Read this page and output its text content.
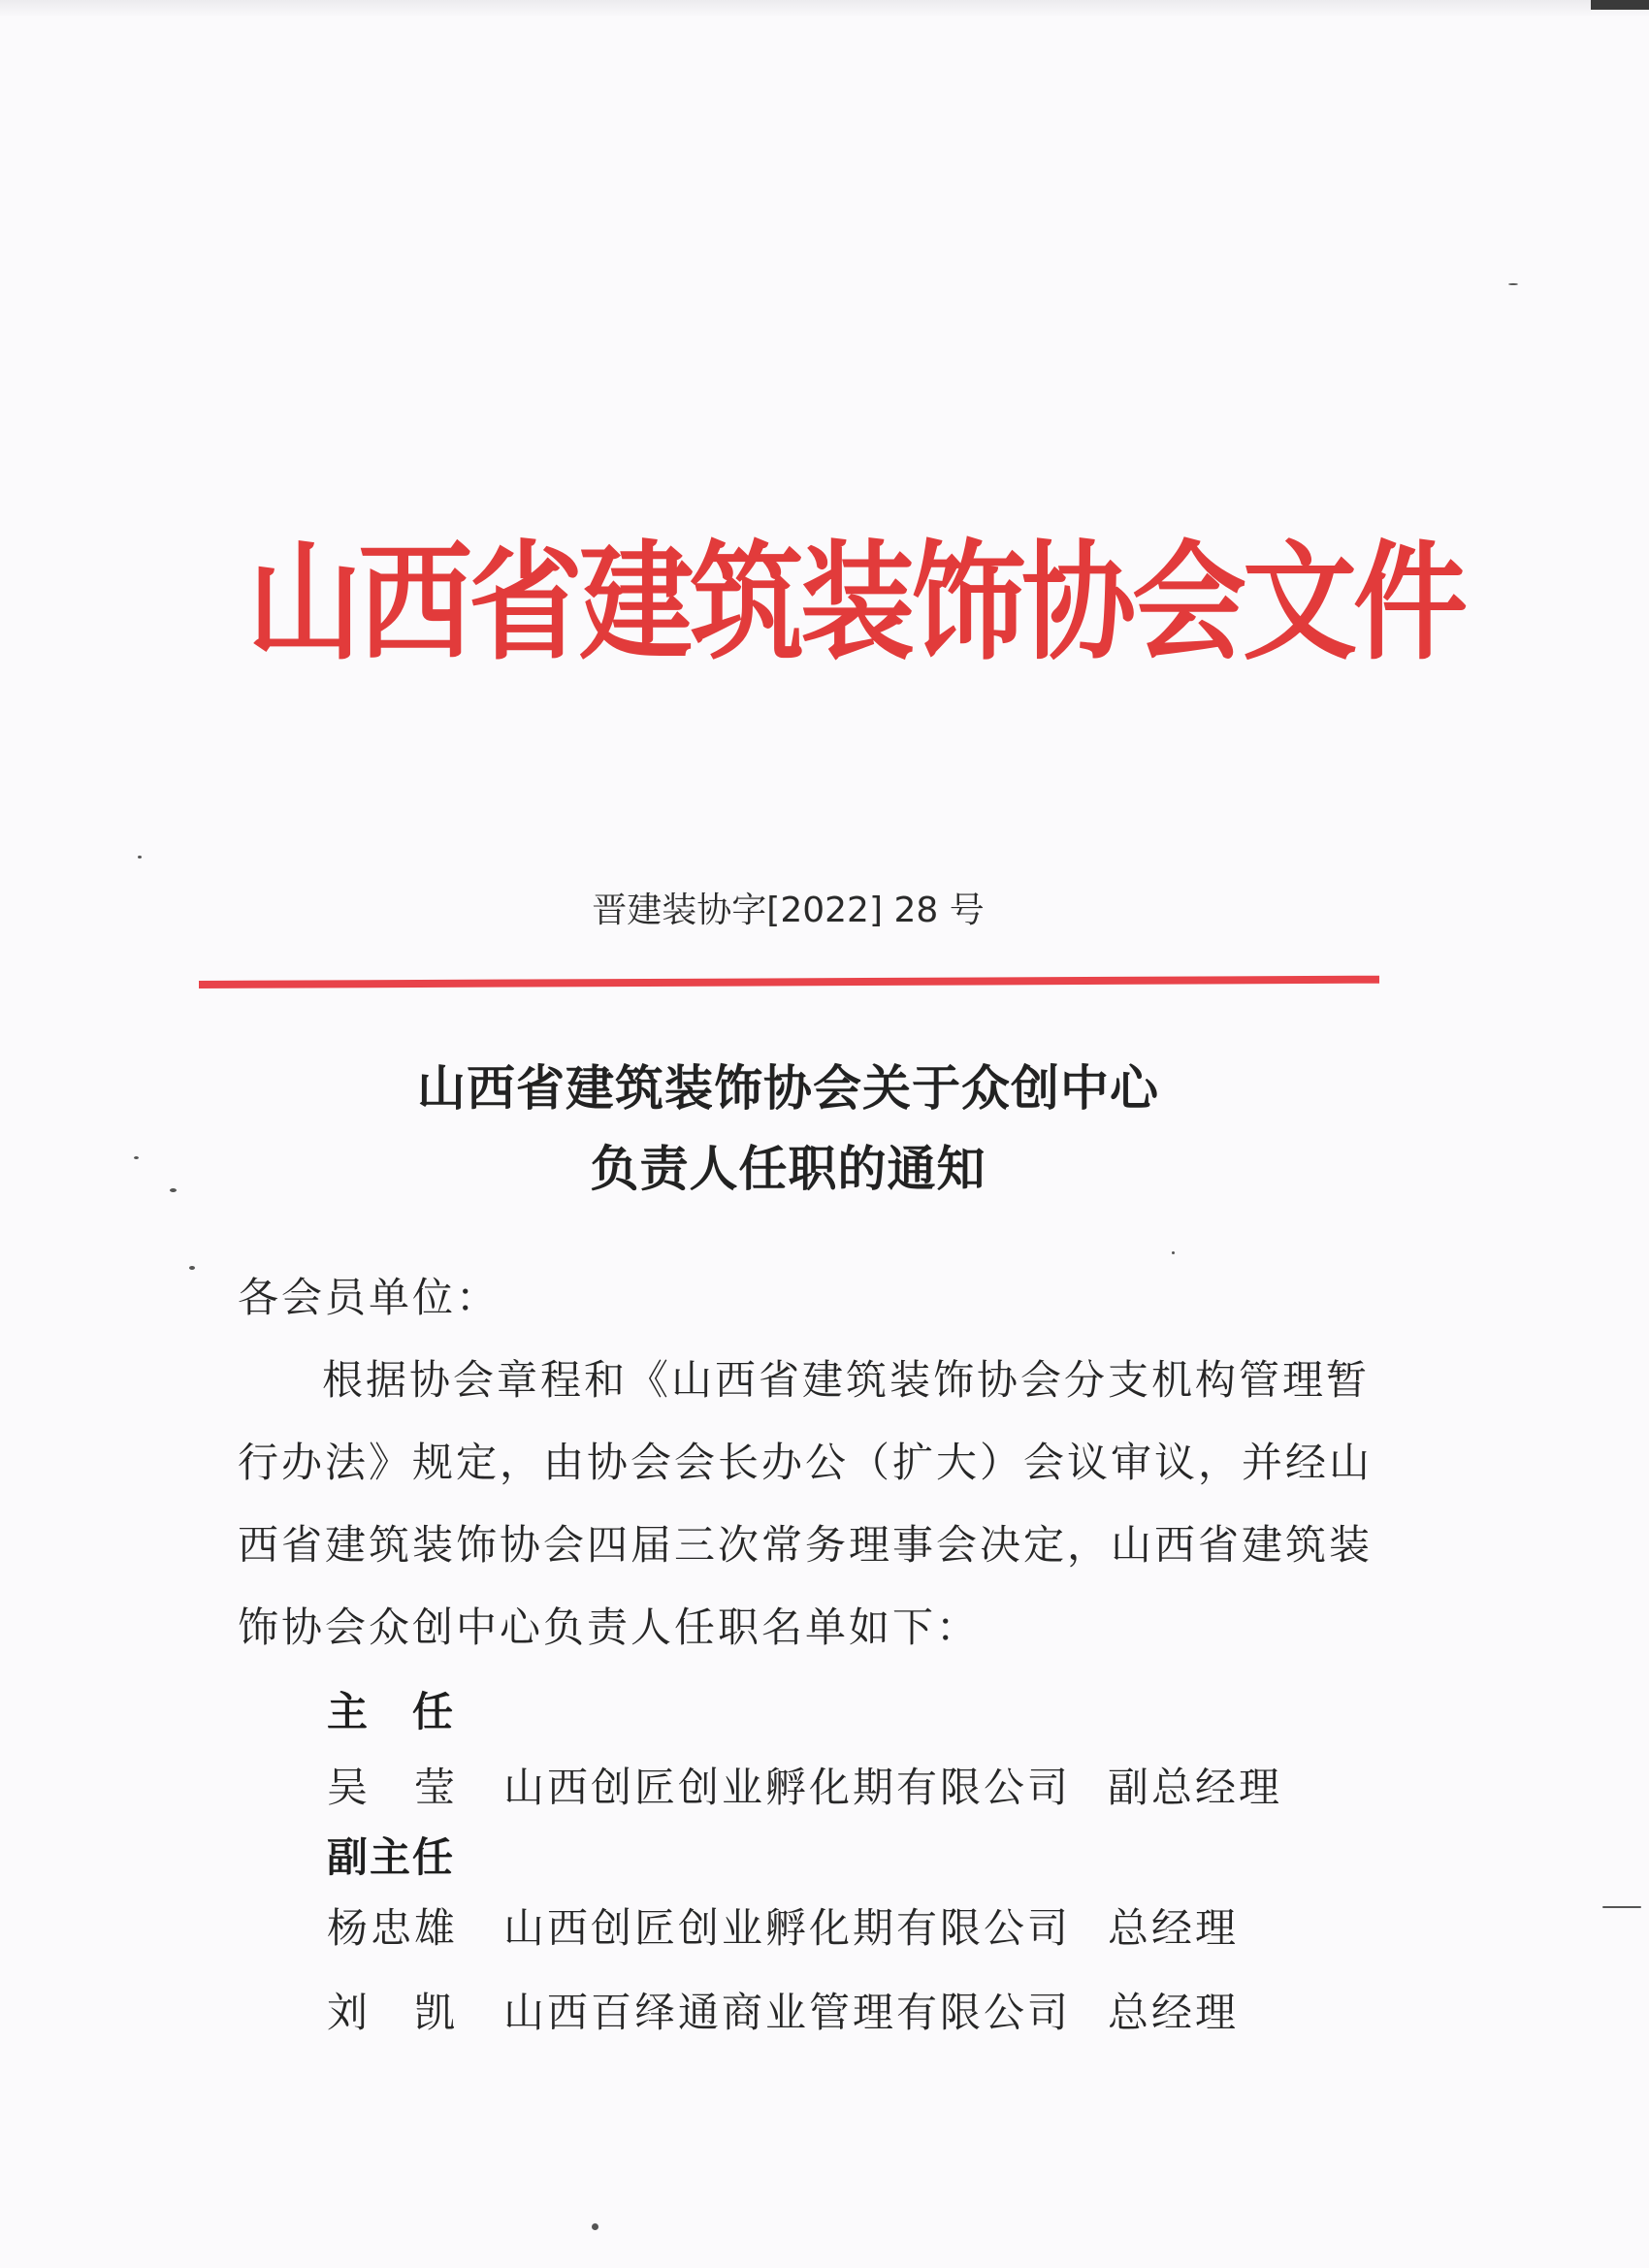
山西省建筑装饰协会文件
晋建装协字[2022] 28 号
山西省建筑装饰协会关于众创中心
负责人任职的通知
各会员单位：
根据协会章程和《山西省建筑装饰协会分支机构管理暂
行办法》规定，由协会会长办公（扩大）会议审议，并经山
西省建筑装饰协会四届三次常务理事会决定，山西省建筑装
饰协会众创中心负责人任职名单如下：
主　任
吴　莹 山西创匠创业孵化期有限公司 副总经理
副主任
杨忠雄 山西创匠创业孵化期有限公司 总经理
刘　凯 山西百绎通商业管理有限公司 总经理
